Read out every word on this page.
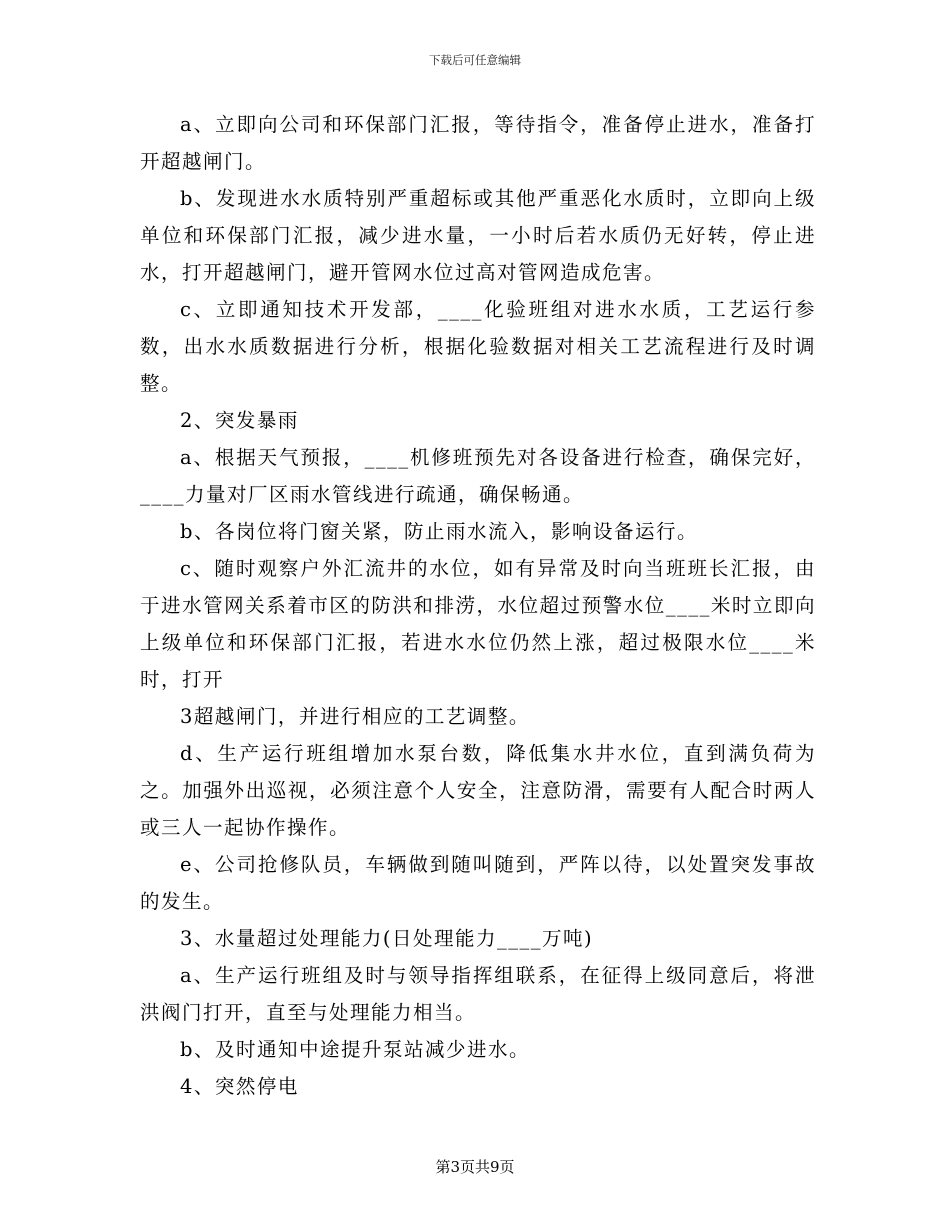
下载后可任意编辑

a、立即向公司和环保部门汇报，等待指令，准备停止进水，准备打开超越闸门。

b、发现进水水质特别严重超标或其他严重恶化水质时，立即向上级单位和环保部门汇报，减少进水量，一小时后若水质仍无好转，停止进水，打开超越闸门，避开管网水位过高对管网造成危害。

c、立即通知技术开发部，____化验班组对进水水质，工艺运行参数，出水水质数据进行分析，根据化验数据对相关工艺流程进行及时调整。

2、突发暴雨

a、根据天气预报，____机修班预先对各设备进行检查，确保完好，____力量对厂区雨水管线进行疏通，确保畅通。

b、各岗位将门窗关紧，防止雨水流入，影响设备运行。

c、随时观察户外汇流井的水位，如有异常及时向当班班长汇报，由于进水管网关系着市区的防洪和排涝，水位超过预警水位____米时立即向上级单位和环保部门汇报，若进水水位仍然上涨，超过极限水位____米时，打开

3超越闸门，并进行相应的工艺调整。

d、生产运行班组增加水泵台数，降低集水井水位，直到满负荷为之。加强外出巡视，必须注意个人安全，注意防滑，需要有人配合时两人或三人一起协作操作。

e、公司抢修队员，车辆做到随叫随到，严阵以待，以处置突发事故的发生。

3、水量超过处理能力(日处理能力____万吨)

a、生产运行班组及时与领导指挥组联系，在征得上级同意后，将泄洪阀门打开，直至与处理能力相当。

b、及时通知中途提升泵站减少进水。

4、突然停电

第3页共9页
